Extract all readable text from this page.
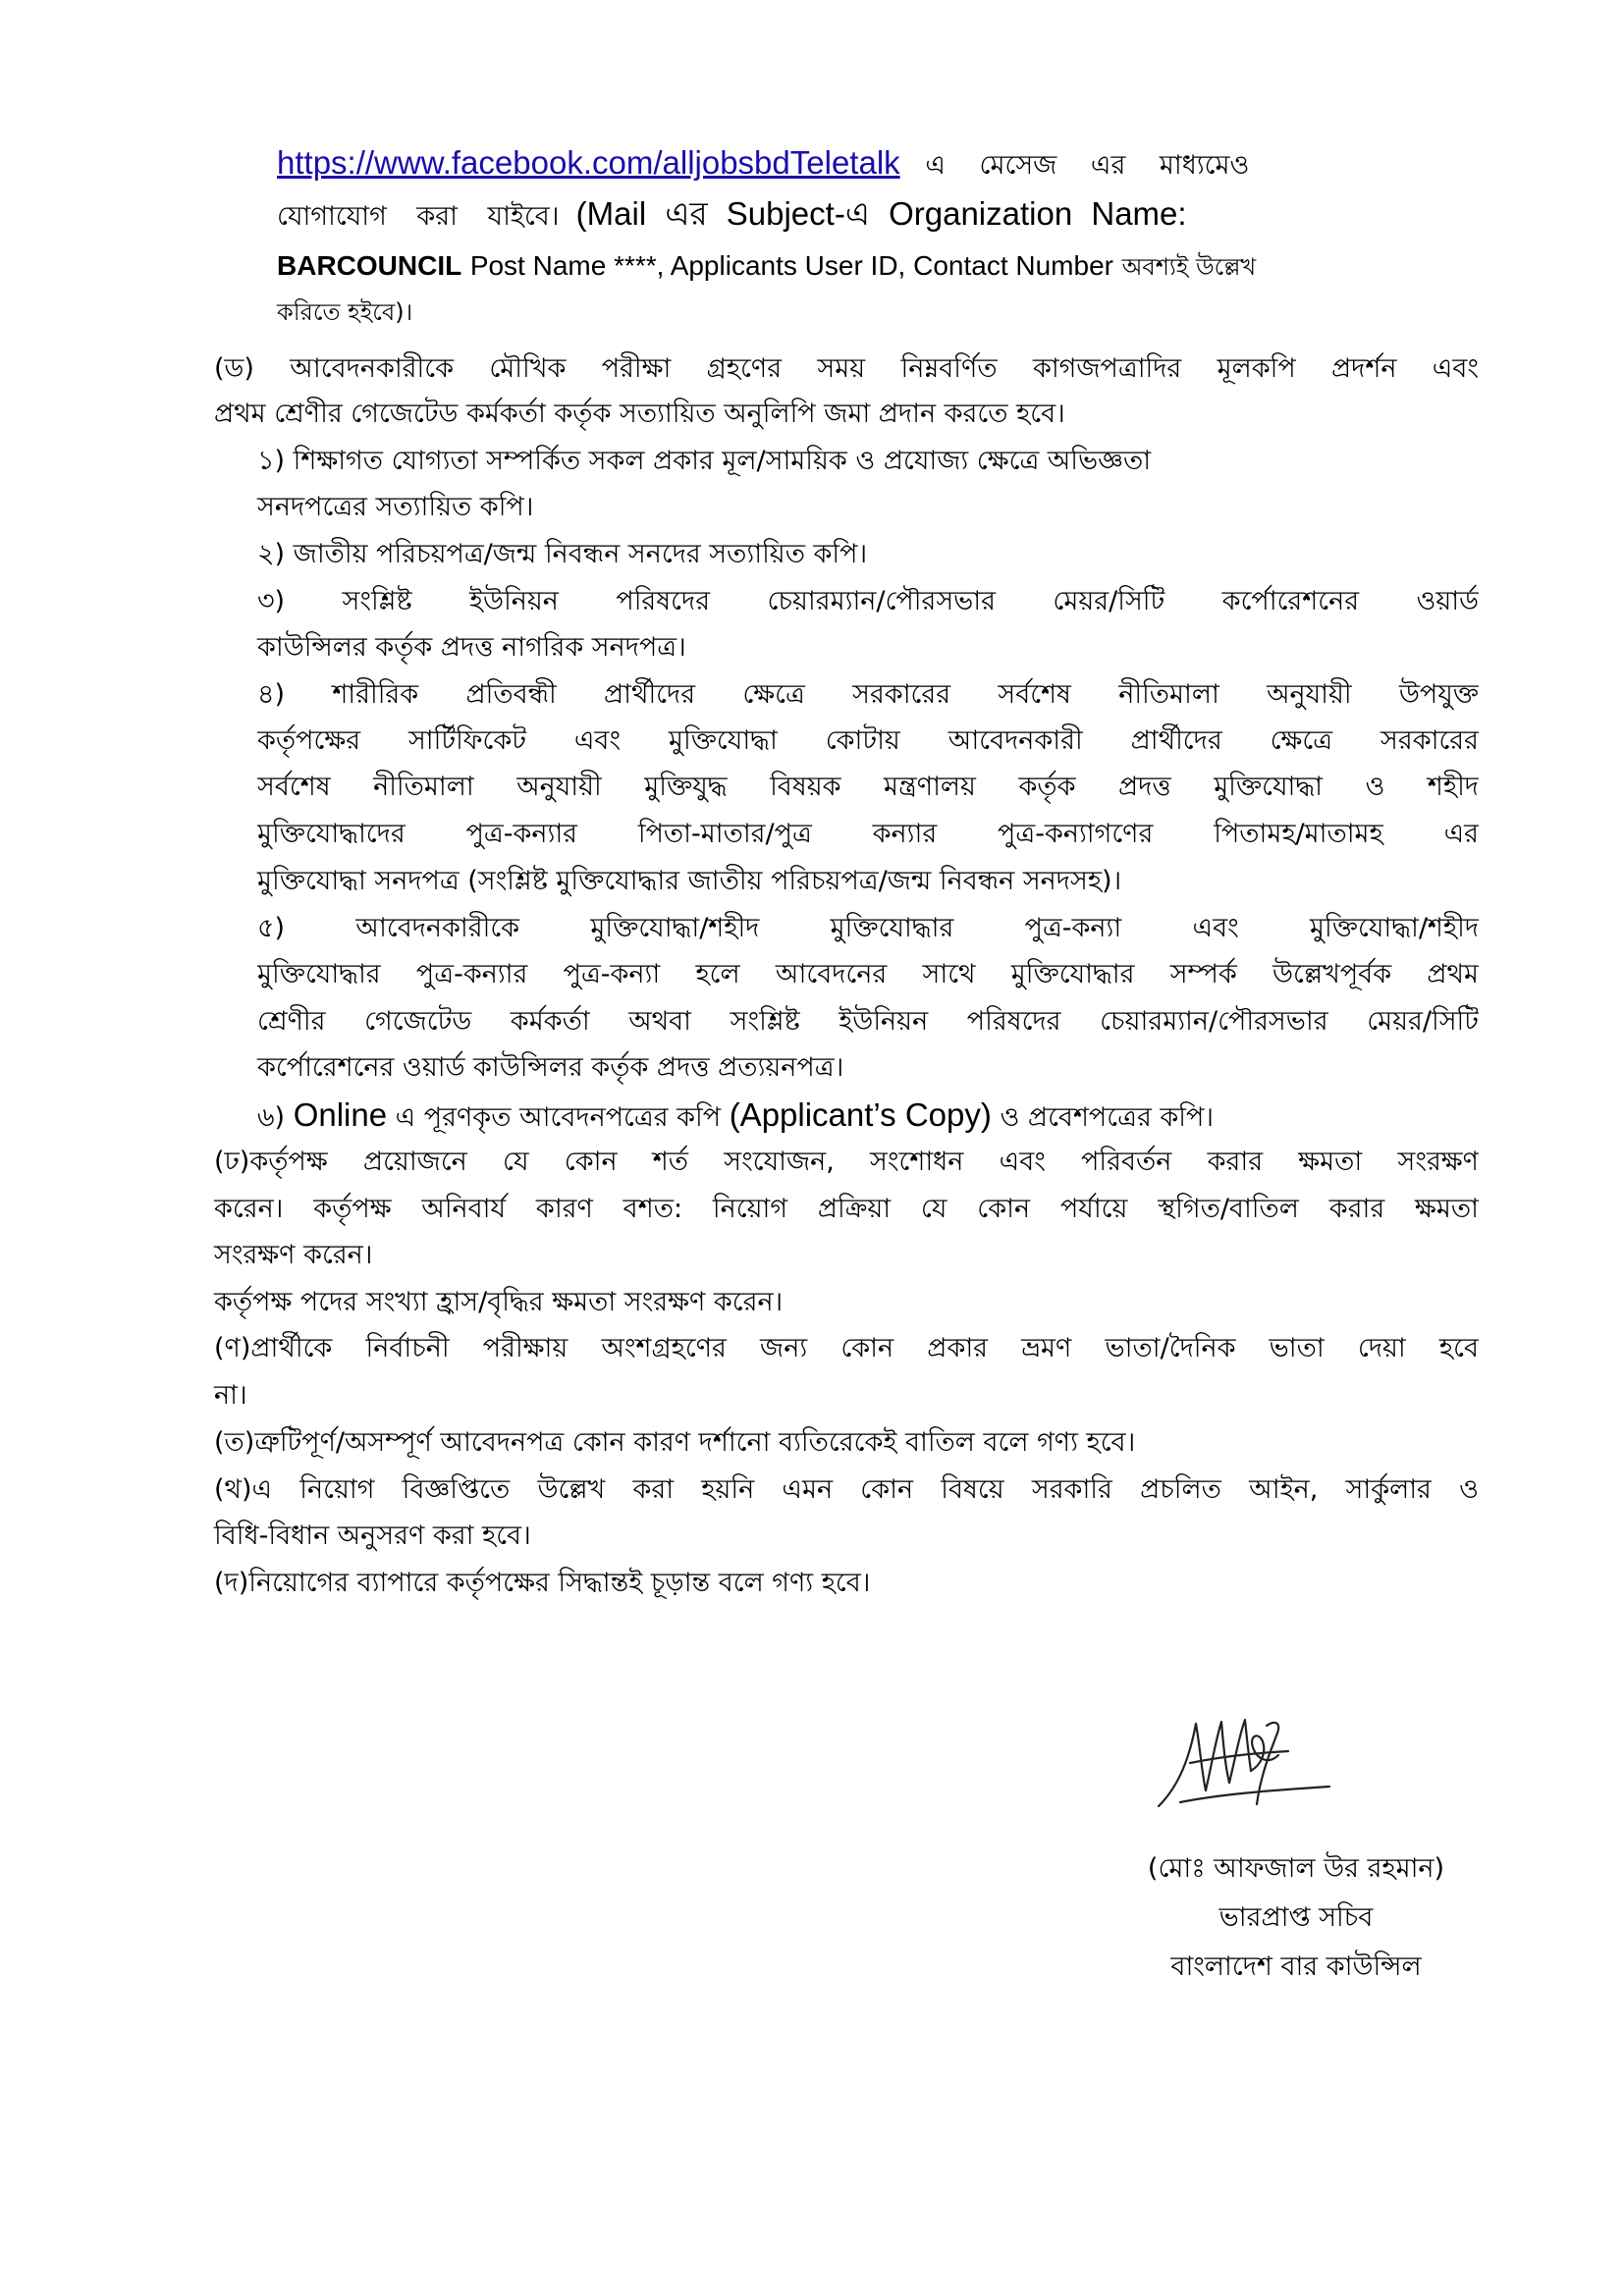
https://www.facebook.com/alljobsbdTeletalk এ মেসেজ এর মাধ্যমেও
যোগাযোগ করা যাইবে। (Mail এর Subject-এ Organization Name:
BARCOUNCIL Post Name ****, Applicants User ID, Contact Number অবশ্যই উল্লেখ
করিতে হইবে)।
(ড) আবেদনকারীকে মৌখিক পরীক্ষা গ্রহণের সময় নিম্নবর্ণিত কাগজপত্রাদির মূলকপি প্রদর্শন এবং
প্রথম শ্রেণীর গেজেটেড কর্মকর্তা কর্তৃক সত্যায়িত অনুলিপি জমা প্রদান করতে হবে।
১) শিক্ষাগত যোগ্যতা সম্পর্কিত সকল প্রকার মূল/সাময়িক ও প্রযোজ্য ক্ষেত্রে অভিজ্ঞতা
সনদপত্রের সত্যায়িত কপি।
২) জাতীয় পরিচয়পত্র/জন্ম নিবন্ধন সনদের সত্যায়িত কপি।
৩) সংশ্লিষ্ট ইউনিয়ন পরিষদের চেয়ারম্যান/পৌরসভার মেয়র/সিটি কর্পোরেশনের ওয়ার্ড
কাউন্সিলর কর্তৃক প্রদত্ত নাগরিক সনদপত্র।
৪) শারীরিক প্রতিবন্ধী প্রার্থীদের ক্ষেত্রে সরকারের সর্বশেষ নীতিমালা অনুযায়ী উপযুক্ত
কর্তৃপক্ষের সার্টিফিকেট এবং মুক্তিযোদ্ধা কোটায় আবেদনকারী প্রার্থীদের ক্ষেত্রে সরকারের
সর্বশেষ নীতিমালা অনুযায়ী মুক্তিযুদ্ধ বিষয়ক মন্ত্রণালয় কর্তৃক প্রদত্ত মুক্তিযোদ্ধা ও শহীদ
মুক্তিযোদ্ধাদের পুত্র-কন্যার পিতা-মাতার/পুত্র কন্যার পুত্র-কন্যাগণের পিতামহ/মাতামহ এর
মুক্তিযোদ্ধা সনদপত্র (সংশ্লিষ্ট মুক্তিযোদ্ধার জাতীয় পরিচয়পত্র/জন্ম নিবন্ধন সনদসহ)।
৫) আবেদনকারীকে মুক্তিযোদ্ধা/শহীদ মুক্তিযোদ্ধার পুত্র-কন্যা এবং মুক্তিযোদ্ধা/শহীদ
মুক্তিযোদ্ধার পুত্র-কন্যার পুত্র-কন্যা হলে আবেদনের সাথে মুক্তিযোদ্ধার সম্পর্ক উল্লেখপূর্বক প্রথম
শ্রেণীর গেজেটেড কর্মকর্তা অথবা সংশ্লিষ্ট ইউনিয়ন পরিষদের চেয়ারম্যান/পৌরসভার মেয়র/সিটি
কর্পোরেশনের ওয়ার্ড কাউন্সিলর কর্তৃক প্রদত্ত প্রত্যয়নপত্র।
৬) Online এ পূরণকৃত আবেদনপত্রের কপি (Applicant’s Copy) ও প্রবেশপত্রের কপি।
(ঢ)কর্তৃপক্ষ প্রয়োজনে যে কোন শর্ত সংযোজন, সংশোধন এবং পরিবর্তন করার ক্ষমতা সংরক্ষণ
করেন। কর্তৃপক্ষ অনিবার্য কারণ বশত: নিয়োগ প্রক্রিয়া যে কোন পর্যায়ে স্থগিত/বাতিল করার ক্ষমতা
সংরক্ষণ করেন।
কর্তৃপক্ষ পদের সংখ্যা হ্রাস/বৃদ্ধির ক্ষমতা সংরক্ষণ করেন।
(ণ)প্রার্থীকে নির্বাচনী পরীক্ষায় অংশগ্রহণের জন্য কোন প্রকার ভ্রমণ ভাতা/দৈনিক ভাতা দেয়া হবে
না।
(ত)ত্রুটিপূর্ণ/অসম্পূর্ণ আবেদনপত্র কোন কারণ দর্শানো ব্যতিরেকেই বাতিল বলে গণ্য হবে।
(থ)এ নিয়োগ বিজ্ঞপ্তিতে উল্লেখ করা হয়নি এমন কোন বিষয়ে সরকারি প্রচলিত আইন, সার্কুলার ও
বিধি-বিধান অনুসরণ করা হবে।
(দ)নিয়োগের ব্যাপারে কর্তৃপক্ষের সিদ্ধান্তই চূড়ান্ত বলে গণ্য হবে।
(মোঃ আফজাল উর রহমান)
ভারপ্রাপ্ত সচিব
বাংলাদেশ বার কাউন্সিল
